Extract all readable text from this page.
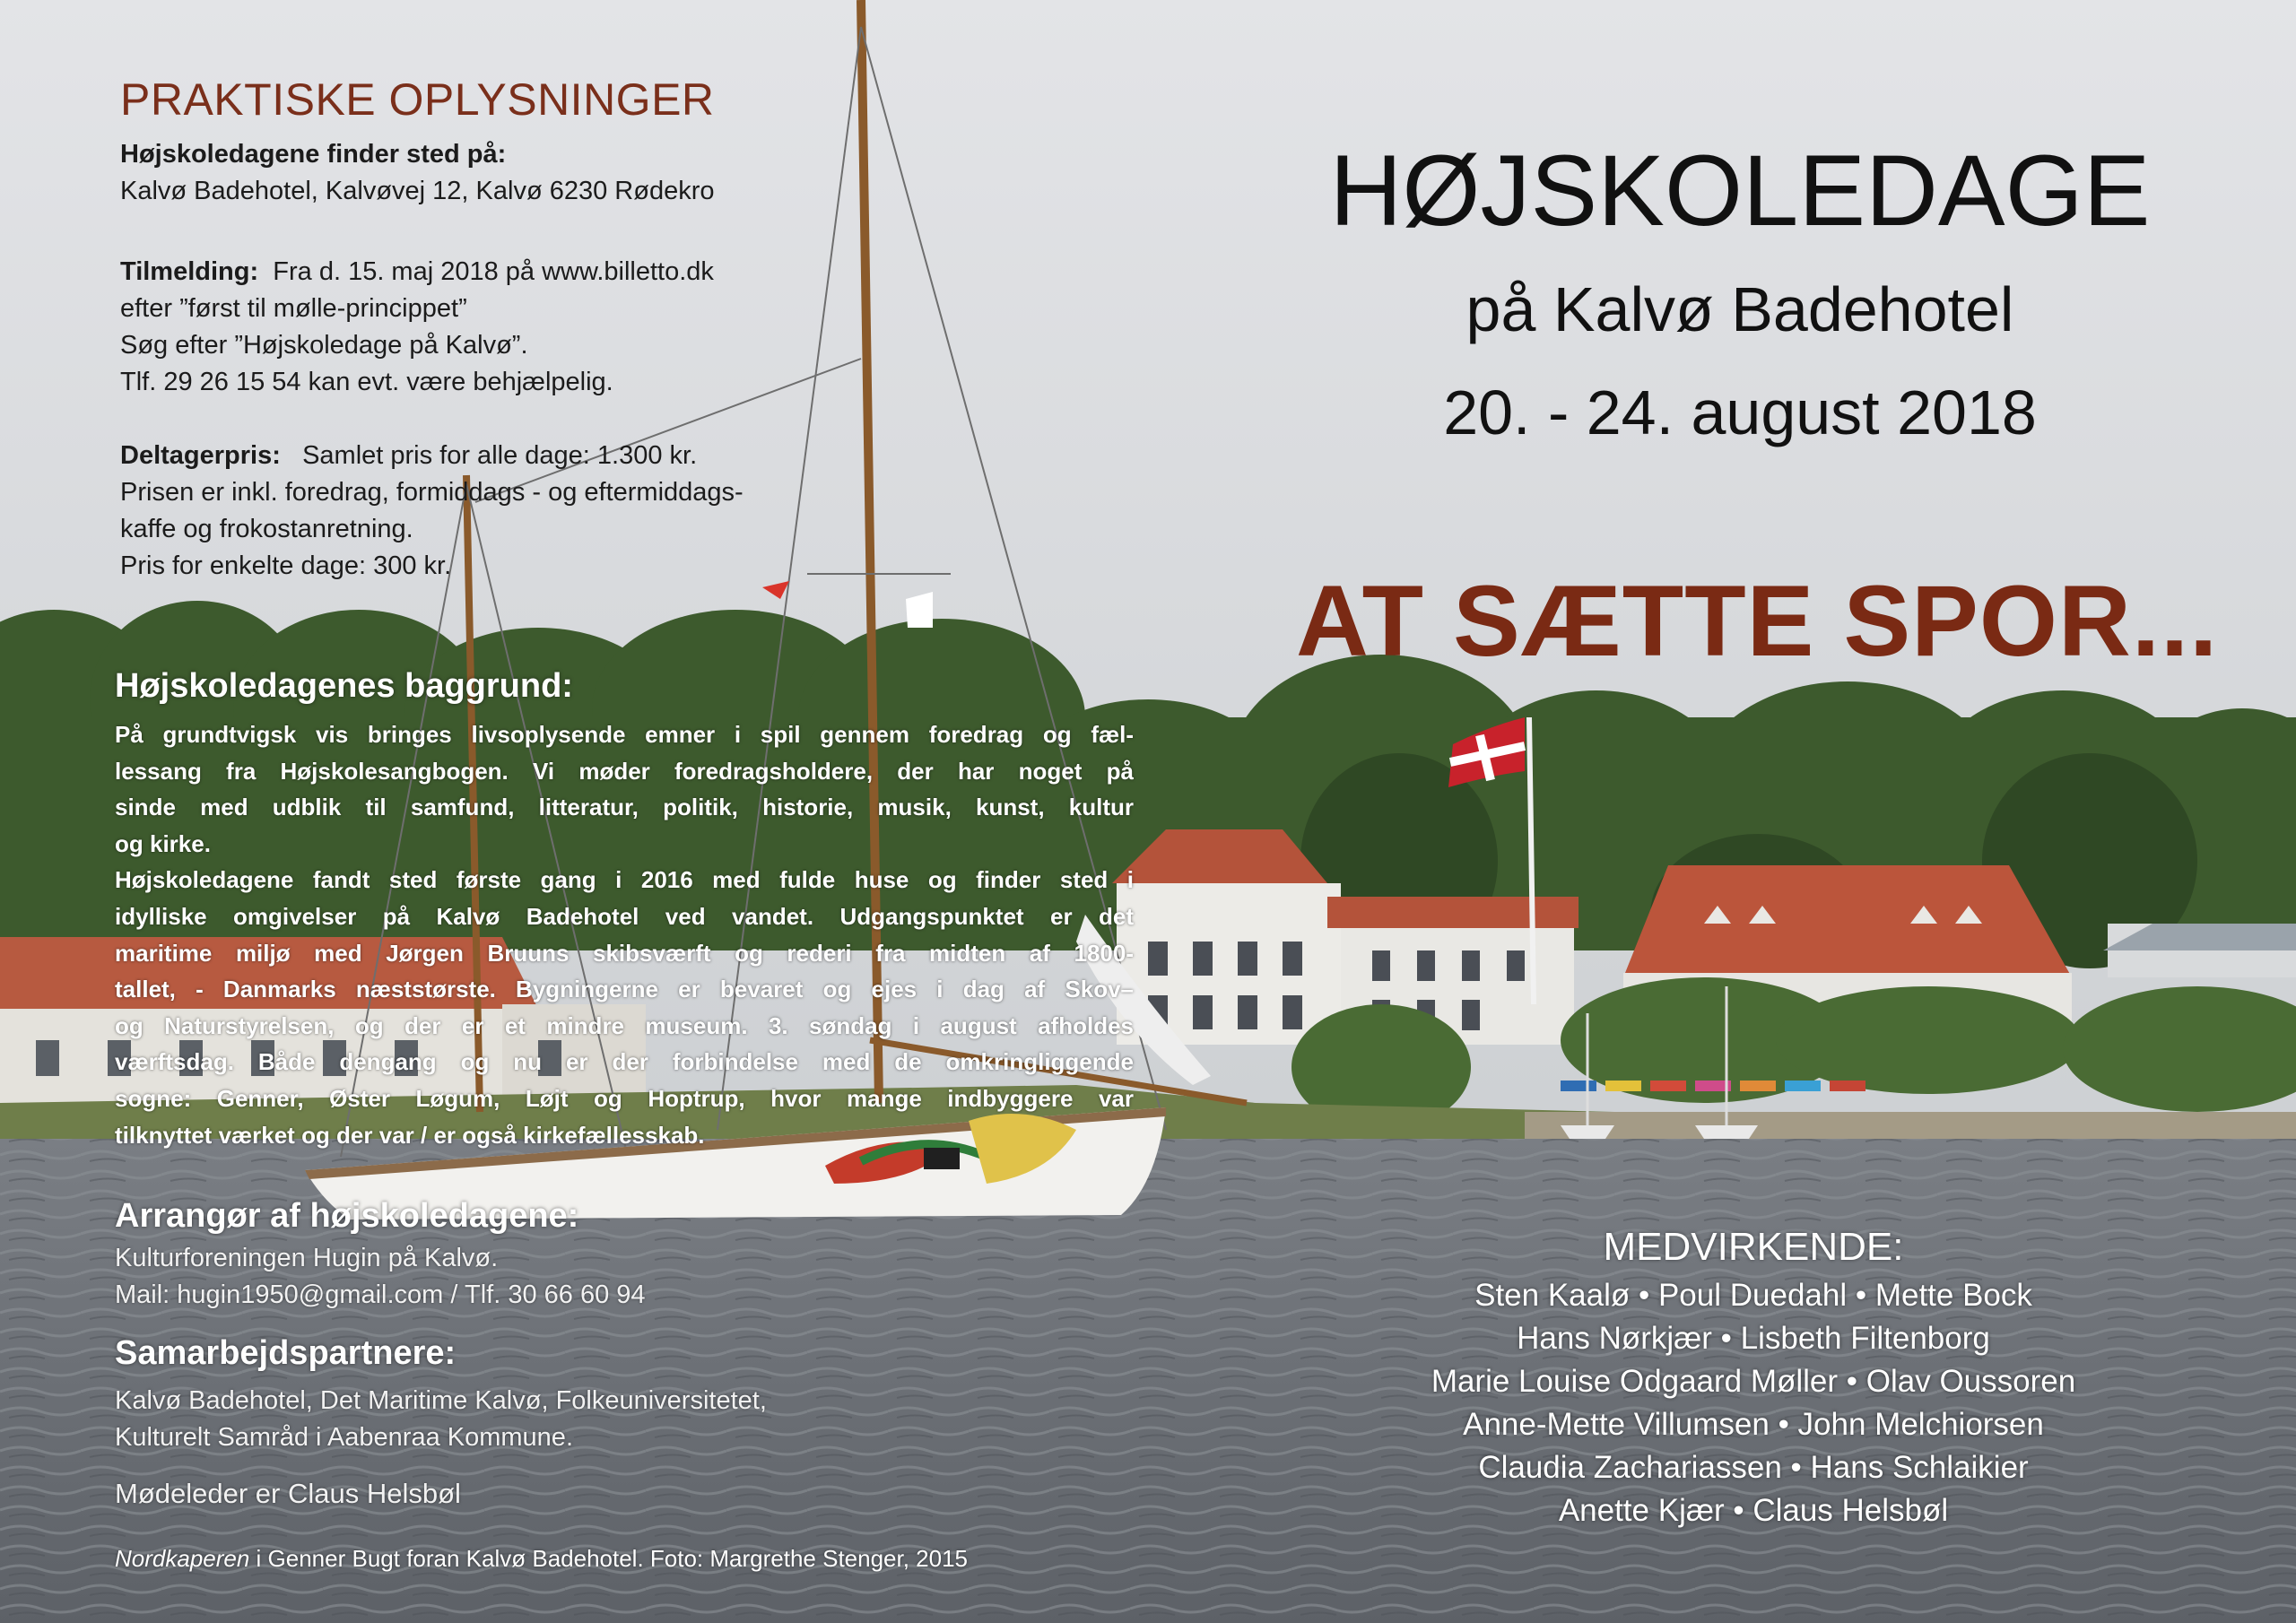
PRAKTISKE OPLYSNINGER
Højskoledagene finder sted på:
Kalvø Badehotel, Kalvøvej 12, Kalvø 6230 Rødekro
Tilmelding: Fra d. 15. maj 2018 på www.billetto.dk
efter ”først til mølle-princippet”
Søg efter ”Højskoledage på Kalvø”.
Tlf. 29 26 15 54 kan evt. være behjælpelig.
Deltagerpris: Samlet pris for alle dage: 1.300 kr.
Prisen er inkl. foredrag, formiddags - og eftermiddags-
kaffe og frokostanretning.
Pris for enkelte dage: 300 kr.
Højskoledagenes baggrund:
På grundtvigsk vis bringes livsoplysende emner i spil gennem foredrag og fæl-
lessang fra Højskolesangbogen. Vi møder foredragsholdere, der har noget på
sinde med udblik til samfund, litteratur, politik, historie, musik, kunst, kultur
og kirke.
Højskoledagene fandt sted første gang i 2016 med fulde huse og finder sted i
idylliske omgivelser på Kalvø Badehotel ved vandet. Udgangspunktet er det
maritime miljø med Jørgen Bruuns skibsværft og rederi fra midten af 1800-
tallet, - Danmarks næststørste. Bygningerne er bevaret og ejes i dag af Skov–
og Naturstyrelsen, og der er et mindre museum. 3. søndag i august afholdes
værftsdag. Både dengang og nu er der forbindelse med de omkringliggende
sogne: Genner, Øster Løgum, Løjt og Hoptrup, hvor mange indbyggere var
tilknyttet værket og der var / er også kirkefællesskab.
Arrangør af højskoledagene:
Kulturforeningen Hugin på Kalvø.
Mail: hugin1950@gmail.com / Tlf. 30 66 60 94
Samarbejdspartnere:
Kalvø Badehotel, Det Maritime Kalvø, Folkeuniversitetet,
Kulturelt Samråd i Aabenraa Kommune.
Mødeleder er Claus Helsbøl
Nordkaperen i Genner Bugt foran Kalvø Badehotel. Foto: Margrethe Stenger, 2015
HØJSKOLEDAGE
på Kalvø Badehotel
20. - 24. august 2018
AT SÆTTE SPOR...
MEDVIRKENDE:
Sten Kaalø • Poul Duedahl • Mette Bock
Hans Nørkjær • Lisbeth Filtenborg
Marie Louise Odgaard Møller • Olav Oussoren
Anne-Mette Villumsen • John Melchiorsen
Claudia Zachariassen • Hans Schlaikier
Anette Kjær • Claus Helsbøl
